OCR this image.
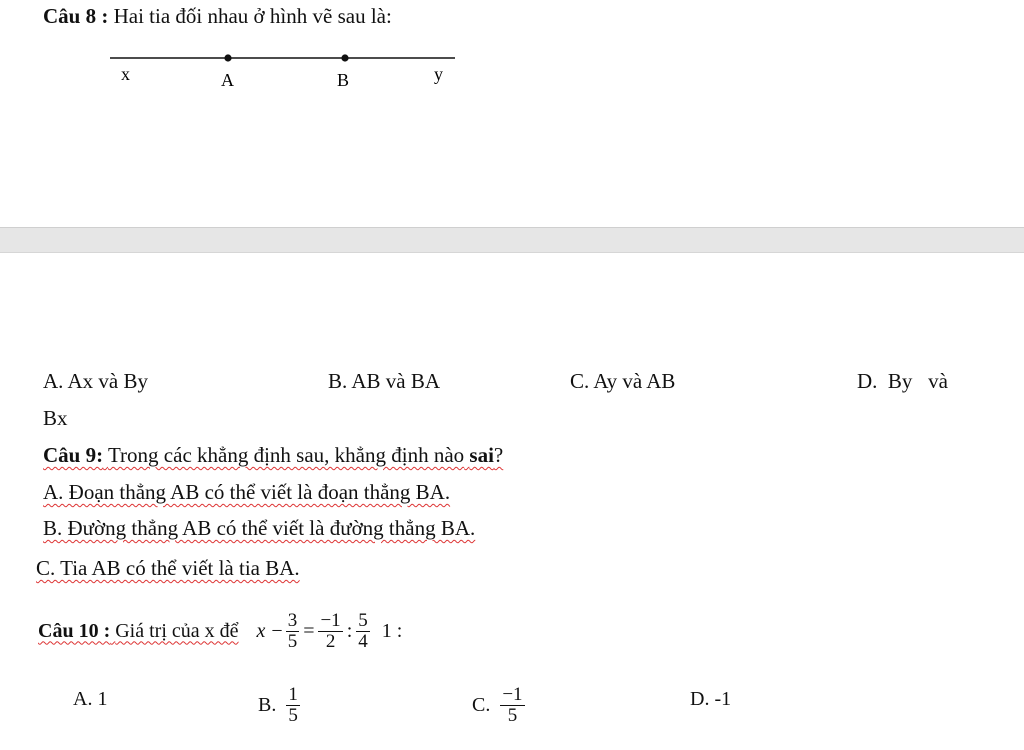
Câu 8 : Hai tia đối nhau ở hình vẽ sau là:
x	A	B	y
A. Ax và By	B. AB và BA	C. Ay và AB	D.  By   và
Bx
Câu 9: Trong các khẳng định sau, khẳng định nào sai?
A. Đoạn thẳng AB có thể viết là đoạn thẳng BA.
B. Đường thẳng AB có thể viết là đường thẳng BA.
C. Tia AB có thể viết là tia BA.
Câu 10 : Giá trị của x để $x - \frac{3}{5} = \frac{-1}{2}$ : $\frac{5}{4} 1$ :
A. 1	B. $\frac{1}{5}$	C. $\frac{-1}{5}$	D. -1
